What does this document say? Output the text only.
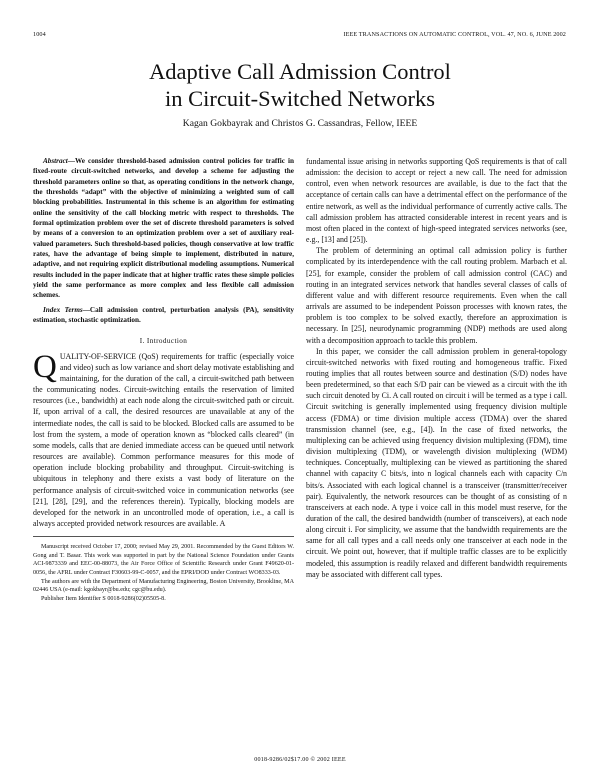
1004	IEEE TRANSACTIONS ON AUTOMATIC CONTROL, VOL. 47, NO. 6, JUNE 2002
Adaptive Call Admission Control
in Circuit-Switched Networks
Kagan Gokbayrak and Christos G. Cassandras, Fellow, IEEE

Abstract—We consider threshold-based admission control policies for traffic in fixed-route circuit-switched networks, and develop a scheme for adjusting the threshold parameters online so that, as operating conditions in the network change, the thresholds “adapt” with the objective of minimizing a weighted sum of call blocking probabilities. Instrumental in this scheme is an algorithm for estimating online the sensitivity of the call blocking metric with respect to thresholds. The formal optimization problem over the set of discrete threshold parameters is solved by means of a conversion to an optimization problem over a set of auxiliary real-valued parameters. Such threshold-based policies, though conservative at low traffic rates, have the advantage of being simple to implement, distributed in nature, adaptive, and not requiring explicit distributional modeling assumptions. Numerical results included in the paper indicate that at higher traffic rates these simple policies yield the same performance as more complex and less flexible call admission schemes.

Index Terms—Call admission control, perturbation analysis (PA), sensitivity estimation, stochastic optimization.

I. Introduction

QUALITY-OF-SERVICE (QoS) requirements for traffic (especially voice and video) such as low variance and short delay motivate establishing and maintaining, for the duration of the call, a circuit-switched path between the communicating nodes. Circuit-switching entails the reservation of limited resources (i.e., bandwidth) at each node along the circuit-switched path or circuit. If, upon arrival of a call, the desired resources are unavailable at any of the intermediate nodes, the call is said to be blocked. Blocked calls are assumed to be lost from the system, a mode of operation known as “blocked calls cleared” (in some models, calls that are denied immediate access can be queued until network resources are available). Common performance measures for this mode of operation include blocking probability and throughput. Circuit-switching is ubiquitous in telephony and there exists a vast body of literature on the performance analysis of circuit-switched voice in communication networks (see [21], [28], [29], and the references therein). Typically, blocking models are developed for the network in an uncontrolled mode of operation, i.e., a call is always accepted provided network resources are available. A

Manuscript received October 17, 2000; revised May 29, 2001. Recommended by the Guest Editors W. Gong and T. Basar. This work was supported in part by the National Science Foundation under Grants ACI-9873339 and EEC-00-88073, the Air Force Office of Scientific Research under Grant F49620-01-0056, the AFRL under Contract F30603-99-C-0057, and the EPRI/DOD under Contract WO8333-03.

The authors are with the Department of Manufacturing Engineering, Boston University, Brookline, MA 02446 USA (e-mail: kgokbayr@bu.edu; cgc@bu.edu).

Publisher Item Identifier S 0018-9286(02)05505-8.

fundamental issue arising in networks supporting QoS requirements is that of call admission: the decision to accept or reject a new call. The need for admission control, even when network resources are available, is due to the fact that the acceptance of certain calls can have a detrimental effect on the performance of the entire network, as well as the individual performance of currently active calls. The call admission problem has attracted considerable interest in recent years and is most often placed in the context of high-speed integrated services networks (see, e.g., [13] and [25]).

The problem of determining an optimal call admission policy is further complicated by its interdependence with the call routing problem. Marbach et al. [25], for example, consider the problem of call admission control (CAC) and routing in an integrated services network that handles several classes of calls of different value and with different resource requirements. Even when the call arrivals are assumed to be independent Poisson processes with known rates, the problem is too complex to be solved exactly, therefore an approximation is necessary. In [25], neurodynamic programming (NDP) methods are used along with a decomposition approach to tackle this problem.

In this paper, we consider the call admission problem in general-topology circuit-switched networks with fixed routing and homogeneous traffic. Fixed routing implies that all routes between source and destination (S/D) nodes have been predetermined, so that each S/D pair can be viewed as a circuit with the ith such circuit denoted by Ci. A call routed on circuit i will be termed as a type i call. Circuit switching is generally implemented using frequency division multiple access (FDMA) or time division multiple access (TDMA) over the shared transmission channel (see, e.g., [4]). In the case of fixed networks, the multiplexing can be achieved using frequency division multiplexing (FDM), time division multiplexing (TDM), or wavelength division multiplexing (WDM) techniques. Conceptually, multiplexing can be viewed as partitioning the shared channel with capacity C bits/s, into n logical channels each with capacity C/n bits/s. Associated with each logical channel is a transceiver (transmitter/receiver pair). Equivalently, the network resources can be thought of as consisting of n transceivers at each node. A type i voice call in this model must reserve, for the duration of the call, the desired bandwidth (number of transceivers), at each node along circuit i. For simplicity, we assume that the bandwidth requirements are the same for all call types and a call needs only one transceiver at each node in the circuit. We point out, however, that if multiple traffic classes are to be explicitly modeled, this assumption is readily relaxed and different bandwidth requirements may be associated with different call types.

0018-9286/02$17.00 © 2002 IEEE
